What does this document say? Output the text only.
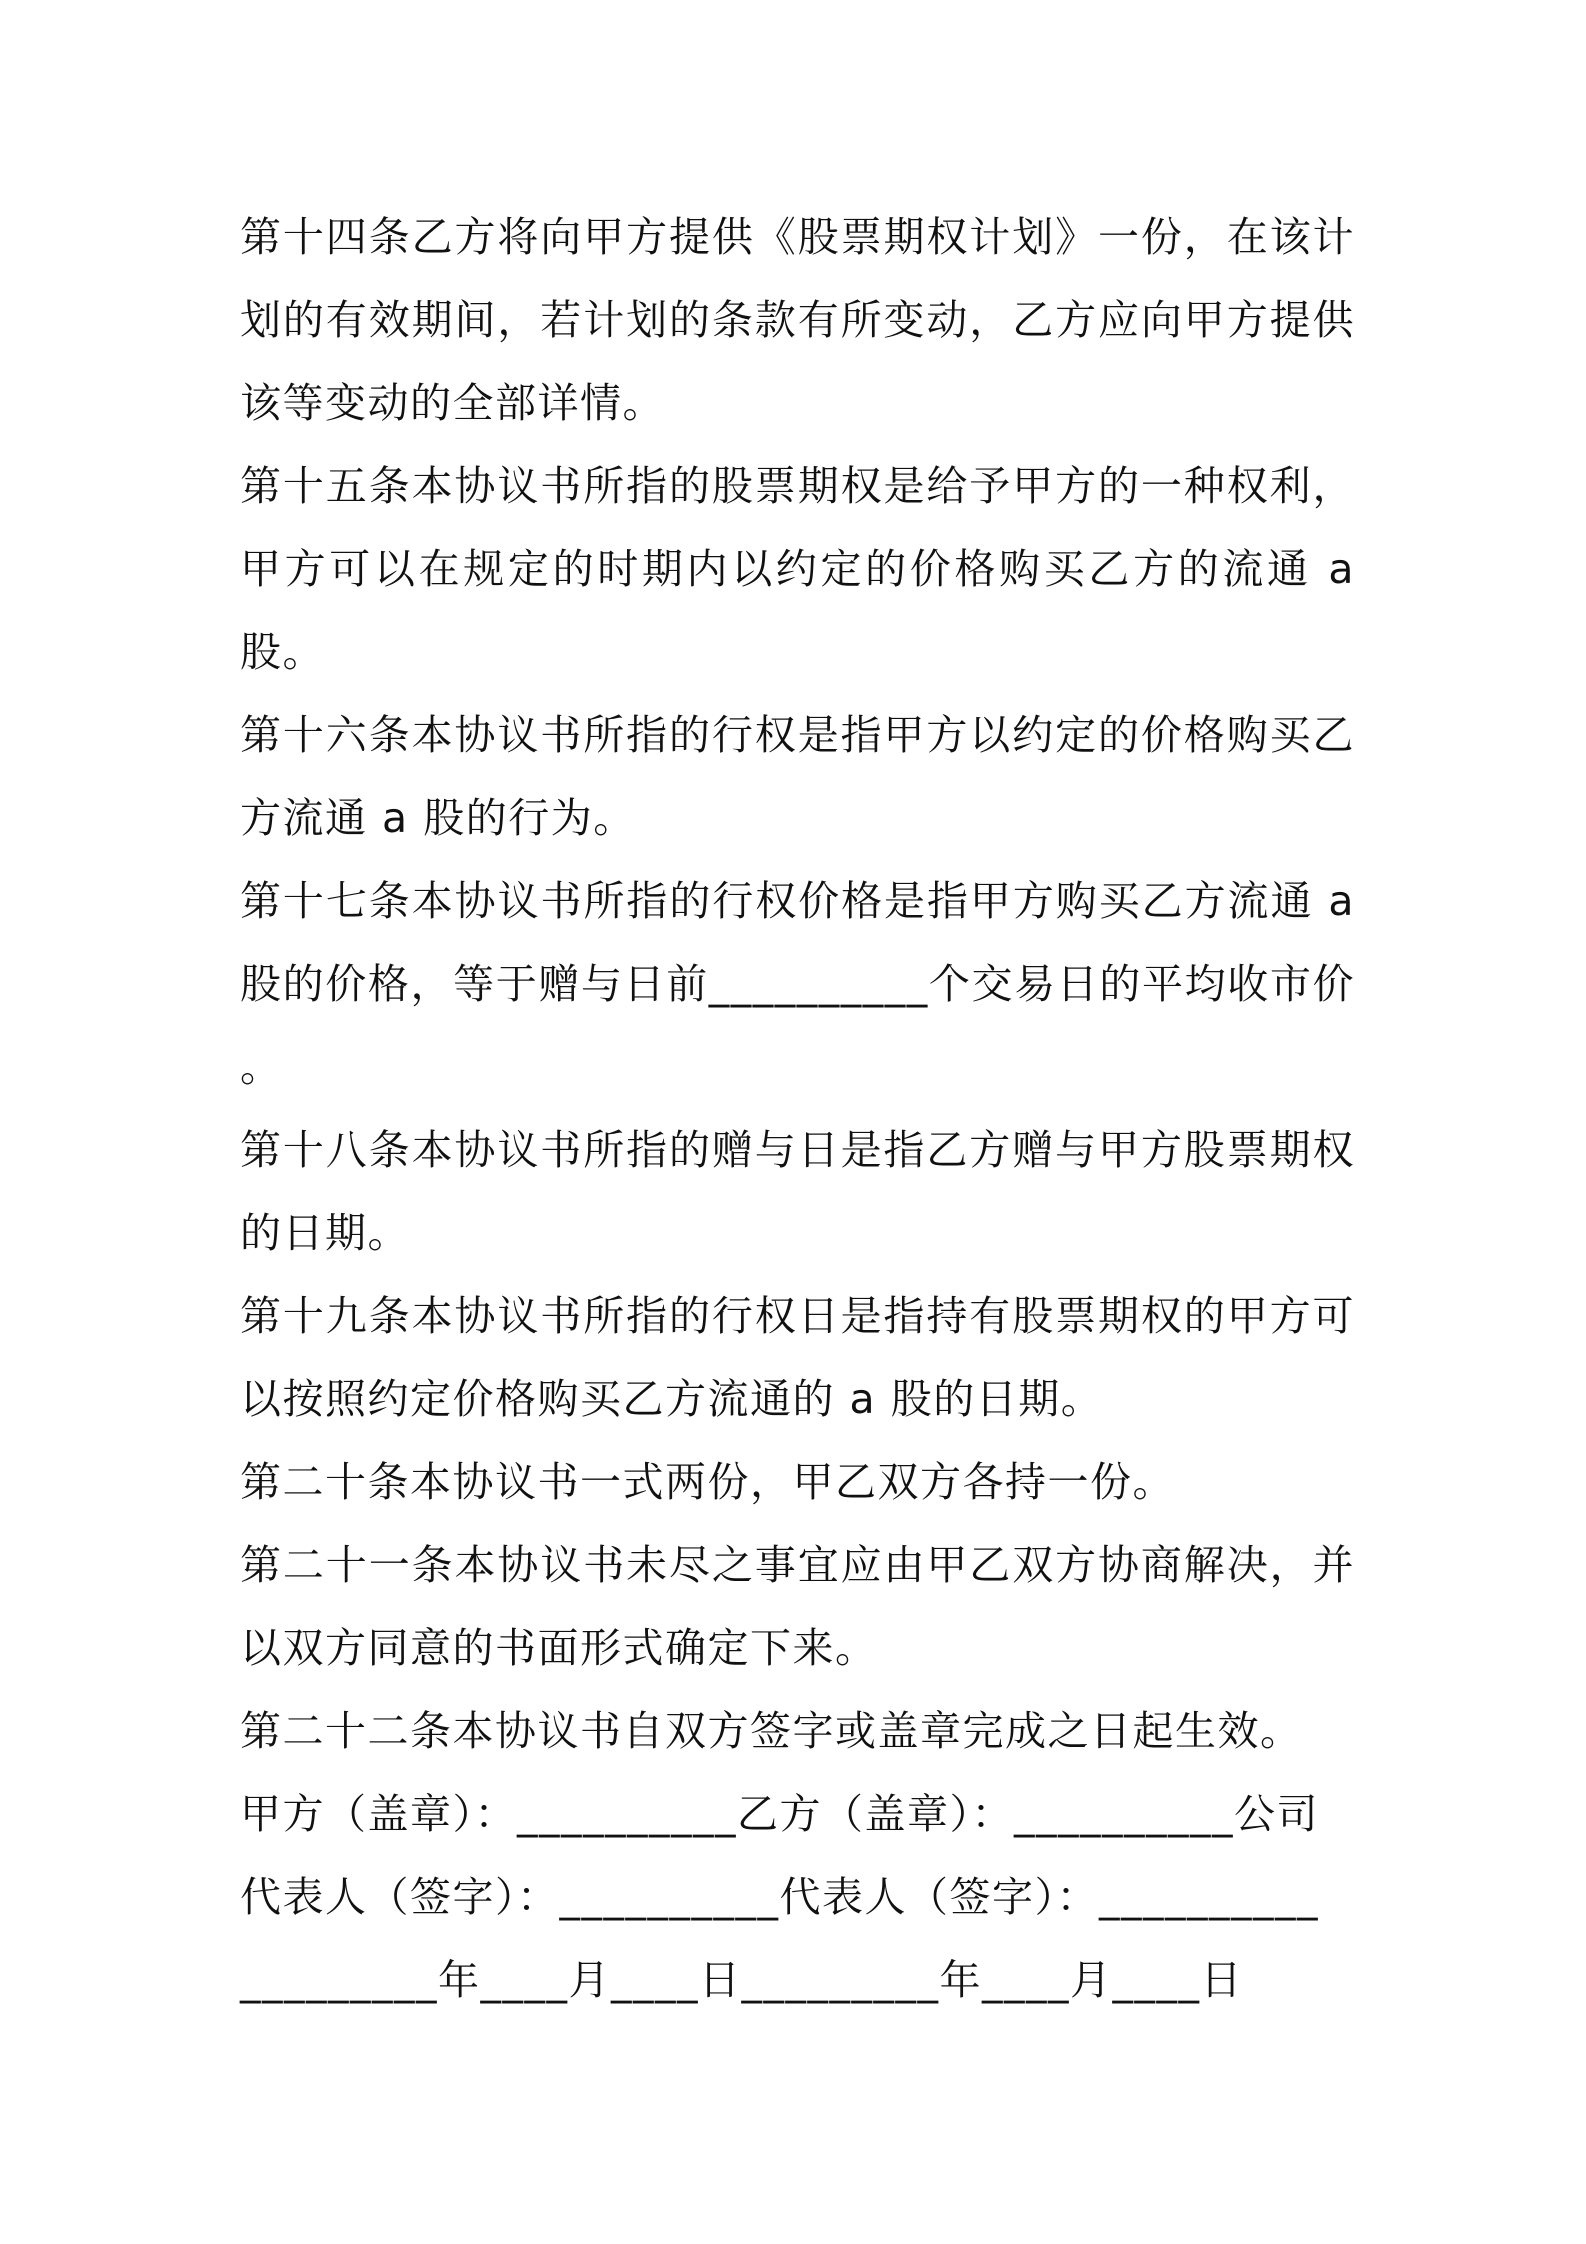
第十四条乙方将向甲方提供《股票期权计划》一份，在该计划的有效期间，若计划的条款有所变动，乙方应向甲方提供该等变动的全部详情。

第十五条本协议书所指的股票期权是给予甲方的一种权利，甲方可以在规定的时期内以约定的价格购买乙方的流通 a 股。

第十六条本协议书所指的行权是指甲方以约定的价格购买乙方流通 a 股的行为。

第十七条本协议书所指的行权价格是指甲方购买乙方流通 a 股的价格，等于赠与日前__________个交易日的平均收市价。

第十八条本协议书所指的赠与日是指乙方赠与甲方股票期权的日期。

第十九条本协议书所指的行权日是指持有股票期权的甲方可以按照约定价格购买乙方流通的 a 股的日期。

第二十条本协议书一式两份，甲乙双方各持一份。

第二十一条本协议书未尽之事宜应由甲乙双方协商解决，并以双方同意的书面形式确定下来。

第二十二条本协议书自双方签字或盖章完成之日起生效。

甲方（盖章）：__________乙方（盖章）：__________公司

代表人（签字）：__________代表人（签字）：__________

_________年____月____日_________年____月____日
